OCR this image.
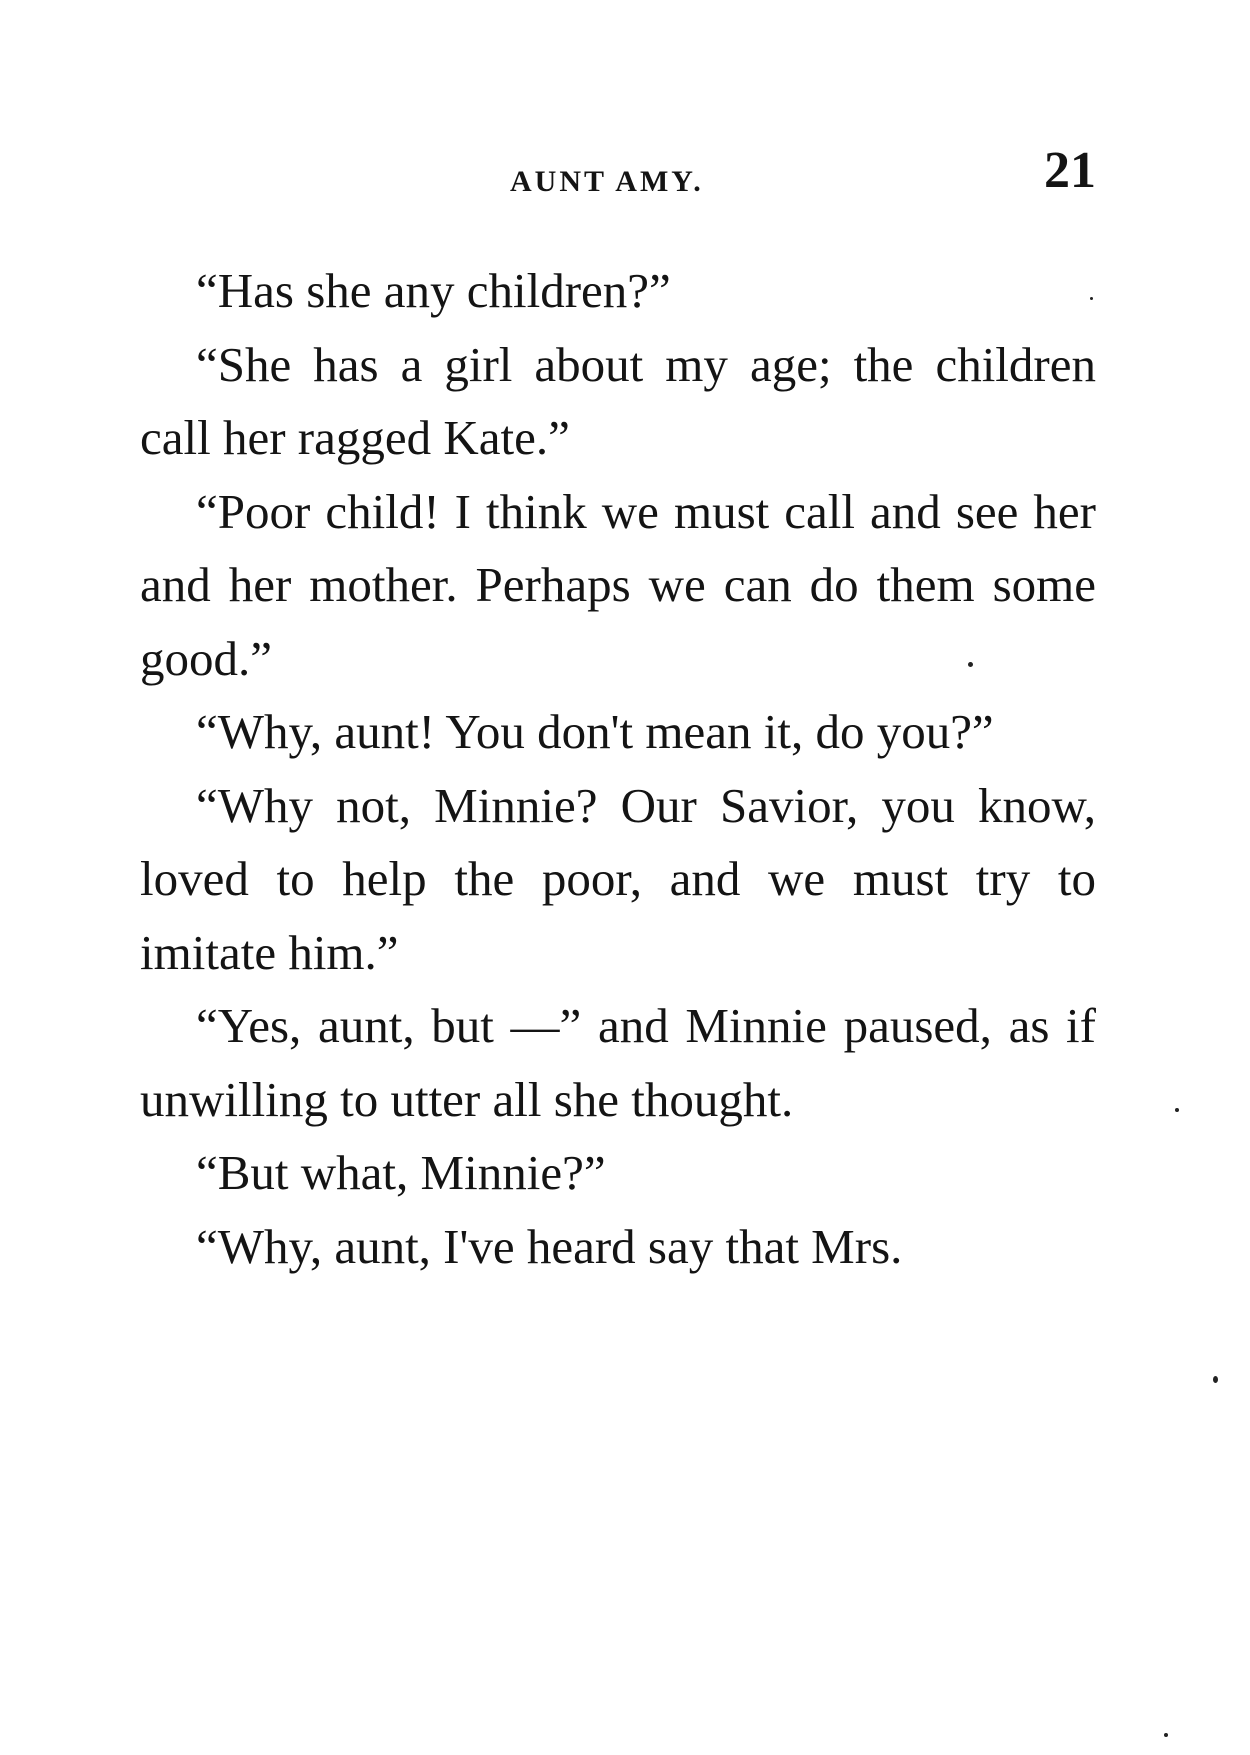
AUNT AMY.	21

“Has she any children?”

“She has a girl about my age; the children call her ragged Kate.”

“Poor child! I think we must call and see her and her mother. Perhaps we can do them some good.”

“Why, aunt! You don't mean it, do you?”

“Why not, Minnie? Our Savior, you know, loved to help the poor, and we must try to imitate him.”

“Yes, aunt, but —” and Minnie paused, as if unwilling to utter all she thought.

“But what, Minnie?”

“Why, aunt, I've heard say that Mrs.
